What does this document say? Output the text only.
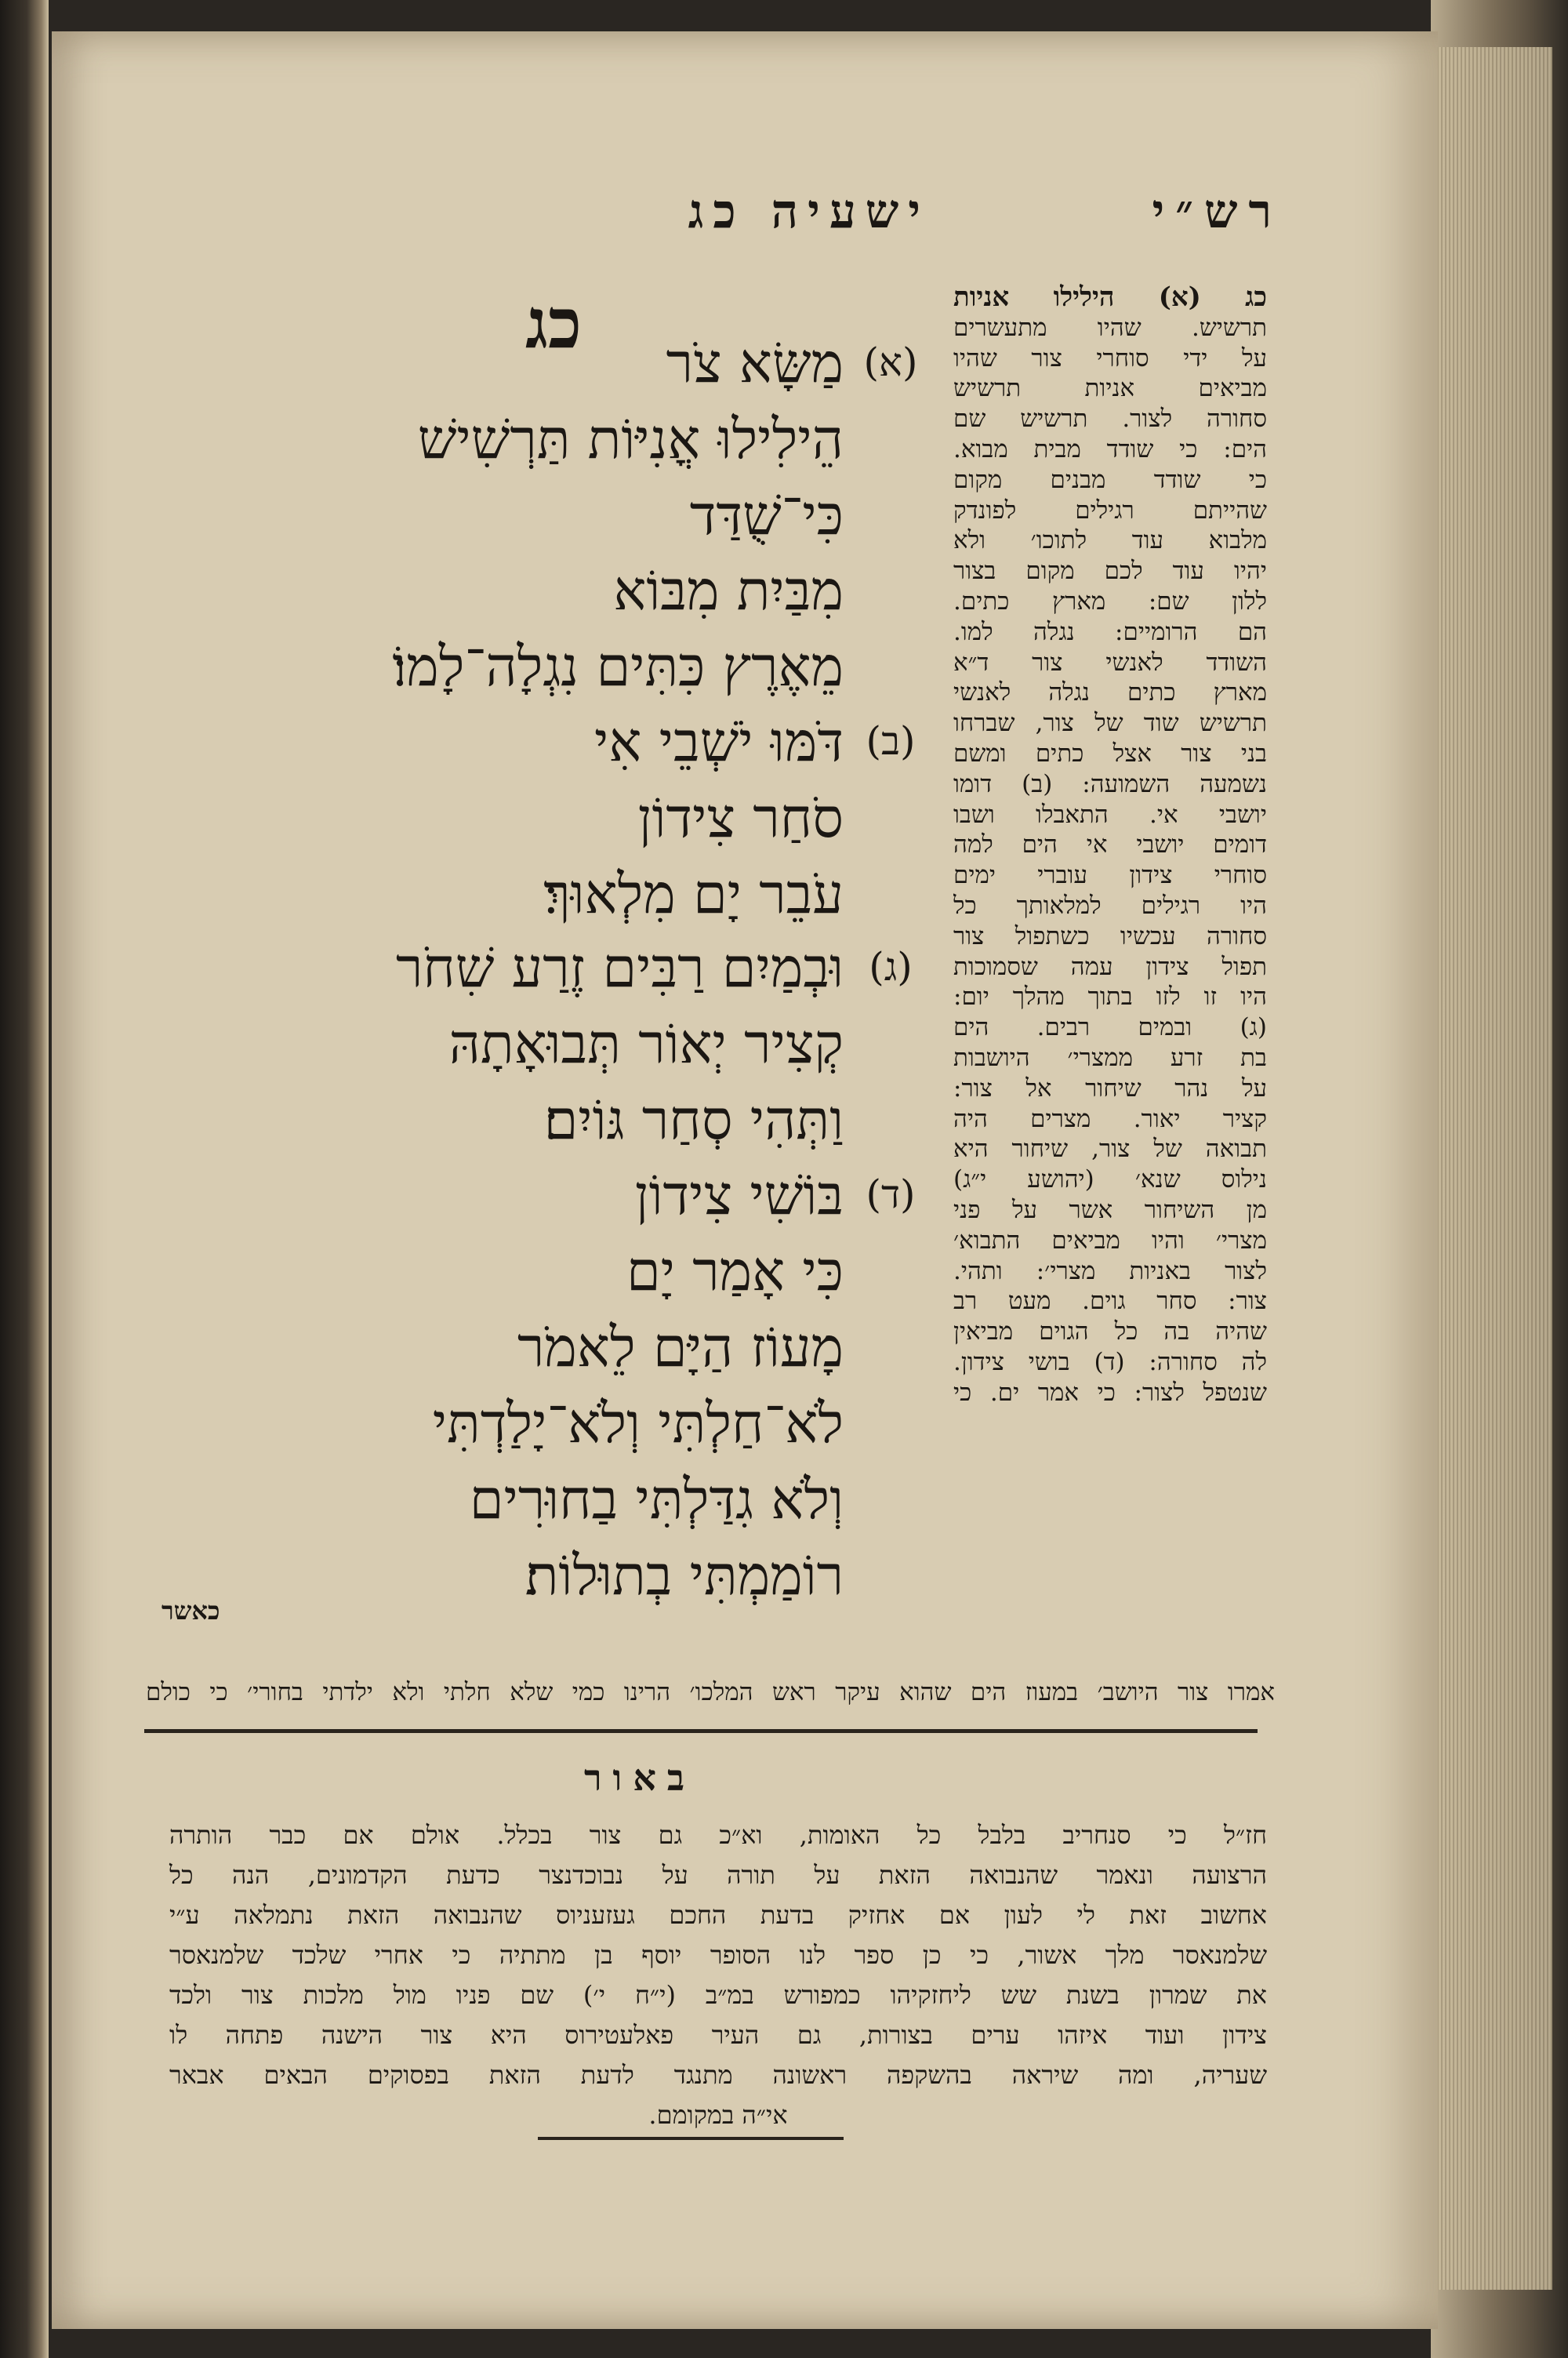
רש״י
ישעיה כג
כג	(א)
מַשָּׂא צֹר
הֵילִילוּ אֳנִיּוֹת תַּרְשִׁישׁ
כִּי־שֻׁדַּד
מִבַּיִת מִבּוֹא
מֵאֶרֶץ כִּתִּים נִגְלָה־לָמוֹ׃
(ב)
דֹּמּוּ יֹשְׁבֵי אִי
סֹחַר צִידוֹן
עֹבֵר יָם מִלְאוּךְ׃
(ג)
וּבְמַיִם רַבִּים זֶרַע שִׁחֹר
קְצִיר יְאוֹר תְּבוּאָתָהּ
וַתְּהִי סְחַר גּוֹיִם׃
(ד)
בּוֹשִׁי צִידוֹן
כִּי אָמַר יָם
מָעוֹז הַיָּם לֵאמֹר
לֹא־חַלְתִּי וְלֹא־יָלַדְתִּי
וְלֹא גִדַּלְתִּי בַחוּרִים
רוֹמַמְתִּי בְתוּלוֹת׃
כאשר
כג (א) הילילו אניות
תרשיש. שהיו מתעשרים
על ידי סוחרי צור שהיו
מביאים אניות תרשיש
סחורה לצור. תרשיש שם
הים: כי שודד מבית מבוא.
כי שודד מבנים מקום
שהייתם רגילים לפונדק
מלבוא עוד לתוכו׳ ולא
יהיו עוד לכם מקום בצור
ללון שם: מארץ כתים.
הם הרומיים: נגלה למו.
השודד לאנשי צור ד״א
מארץ כתים נגלה לאנשי
תרשיש שוד של צור, שברחו
בני צור אצל כתים ומשם
נשמעה השמועה: (ב) דומו
יושבי אי. התאבלו ושבו
דומים יושבי אי הים למה
סוחרי צידון עוברי ימים
היו רגילים למלאותך כל
סחורה עכשיו כשתפול צור
תפול צידון עמה שסמוכות
היו זו לזו בתוך מהלך יום:
(ג) ובמים רבים. הים
בת זרע ממצרי׳ היושבות
על נהר שיחור אל צור:
קציר יאור. מצרים היה
תבואה של צור, שיחור היא
נילוס שנא׳ (יהושע י״ג)
מן השיחור אשר על פני
מצרי׳ והיו מביאים התבוא׳
לצור באניות מצרי׳: ותהי.
צור: סחר גוים. מעט רב
שהיה בה כל הגוים מביאין
לה סחורה: (ד) בושי צידון.
שנטפל לצור: כי אמר ים. כי
אמרו צור היושב׳ במעוז הים שהוא עיקר ראש המלכו׳ הרינו כמי שלא חלתי ולא ילדתי בחורי׳ כי כולם
באור
חז״ל כי סנחריב בלבל כל האומות, וא״כ גם צור בכלל. אולם אם כבר הותרה
הרצועה ונאמר שהנבואה הזאת על תורה על נבוכדנצר כדעת הקדמונים, הנה כל
אחשוב זאת לי לעון אם אחזיק בדעת החכם געזעניוס שהנבואה הזאת נתמלאה ע״י
שלמנאסר מלך אשור, כי כן ספר לנו הסופר יוסף בן מתתיה כי אחרי שלכד שלמנאסר
את שמרון בשנת שש ליחזקיהו כמפורש במ״ב (י״ח י׳) שם פניו מול מלכות צור ולכד
צידון ועוד איזהו ערים בצורות, גם העיר פאלעטירוס היא צור הישנה פתחה לו
שעריה, ומה שיראה בהשקפה ראשונה מתנגד לדעת הזאת בפסוקים הבאים אבאר
אי״ה במקומם.
